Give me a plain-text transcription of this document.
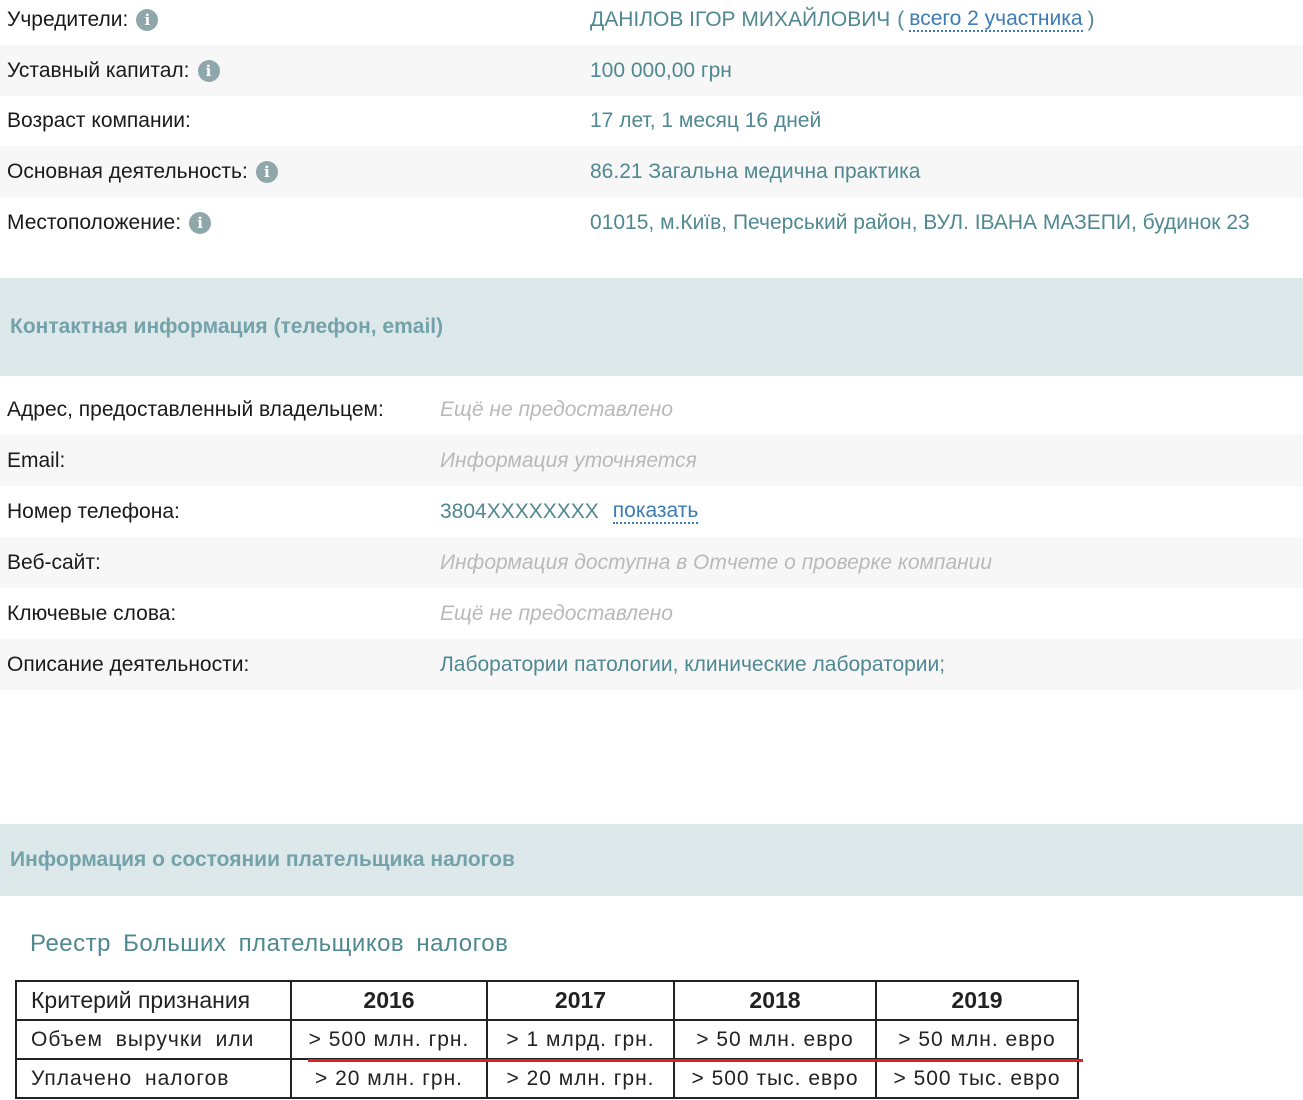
Учредители:	i	ДАНІЛОВ ІГОР МИХАЙЛОВИЧ ( всего 2 участника )
Уставный капитал:	i	100 000,00 грн
Возраст компании:	17 лет, 1 месяц 16 дней
Основная деятельность:	i	86.21 Загальна медична практика
Местоположение:	i	01015, м.Київ, Печерський район, ВУЛ. ІВАНА МАЗЕПИ, будинок 23
Контактная информация (телефон, email)
Адрес, предоставленный владельцем:	Ещё не предоставлено
Email:	Информация уточняется
Номер телефона:	3804XXXXXXXX показать
Веб-сайт:	Информация доступна в Отчете о проверке компании
Ключевые слова:	Ещё не предоставлено
Описание деятельности:	Лаборатории патологии, клинические лаборатории;
Информация о состоянии плательщика налогов
Реестр Больших плательщиков налогов
Критерий признания	2016	2017	2018	2019
Объем выручки или	> 500 млн. грн.	> 1 млрд. грн.	> 50 млн. евро	> 50 млн. евро
Уплачено налогов	> 20 млн. грн.	> 20 млн. грн.	> 500 тыс. евро	> 500 тыс. евро
